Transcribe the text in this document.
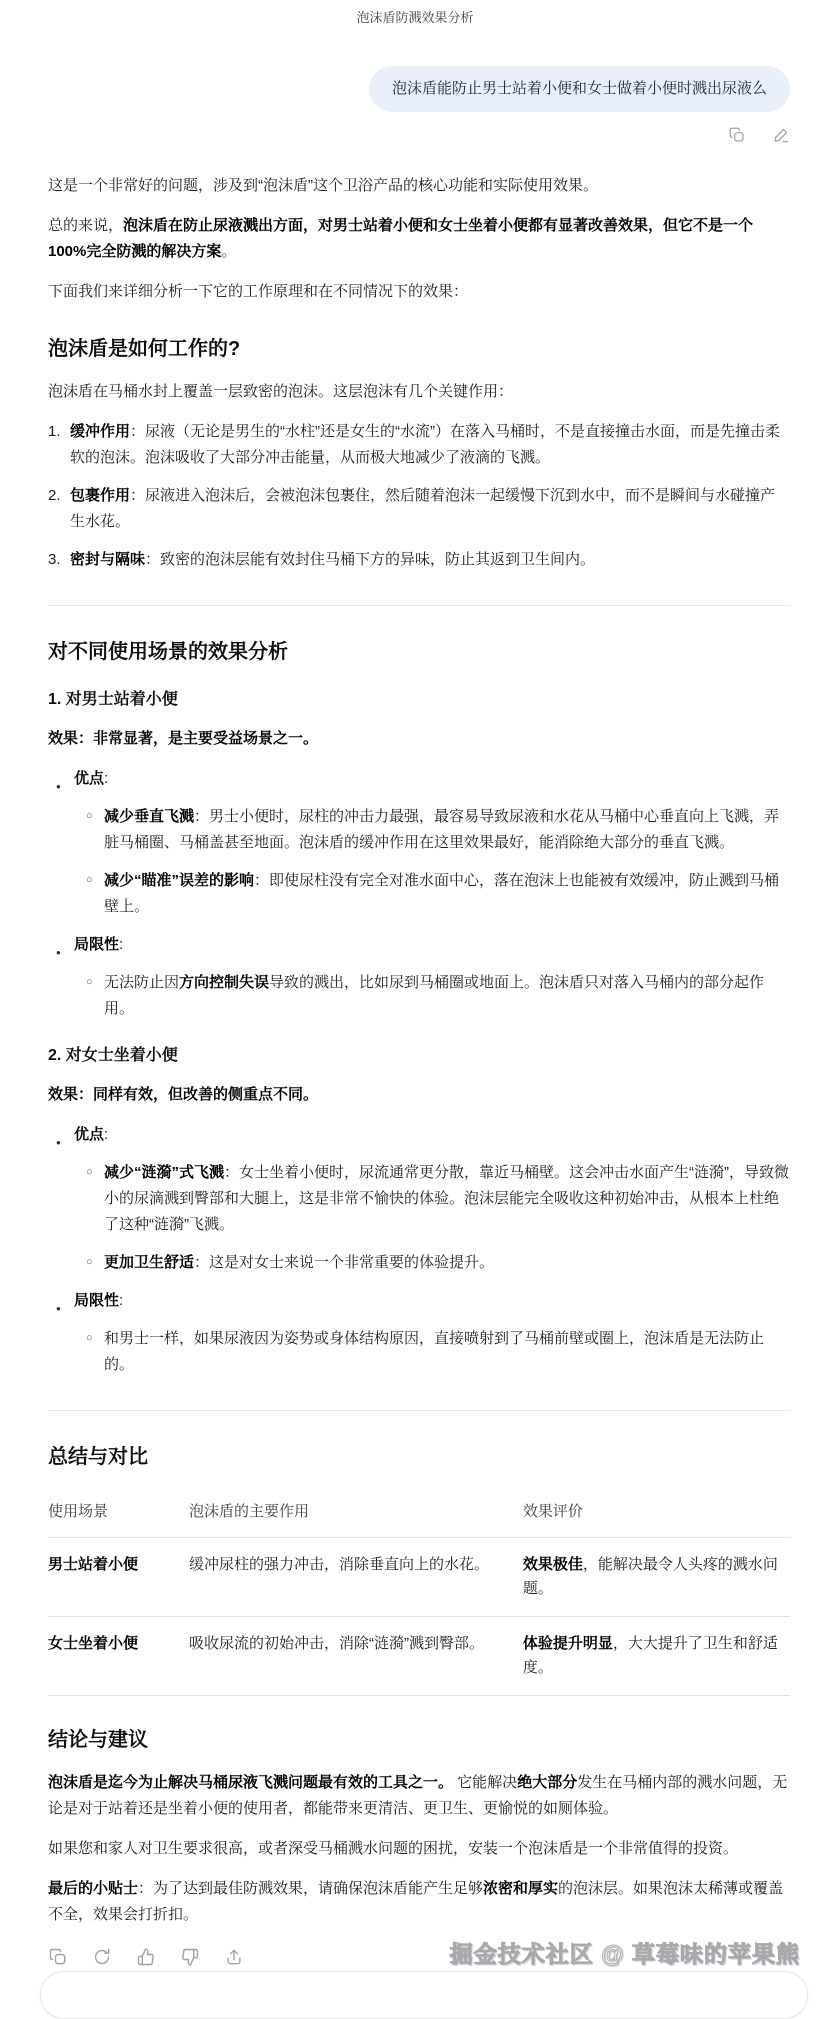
泡沫盾防溅效果分析
泡沫盾能防止男士站着小便和女士做着小便时溅出尿液么

这是一个非常好的问题，涉及到“泡沫盾”这个卫浴产品的核心功能和实际使用效果。

总的来说，泡沫盾在防止尿液溅出方面，对男士站着小便和女士坐着小便都有显著改善效果，但它不是一个100%完全防溅的解决方案。

下面我们来详细分析一下它的工作原理和在不同情况下的效果：

泡沫盾是如何工作的?

泡沫盾在马桶水封上覆盖一层致密的泡沫。这层泡沫有几个关键作用：

1. 缓冲作用：尿液（无论是男生的“水柱”还是女生的“水流”）在落入马桶时，不是直接撞击水面，而是先撞击柔软的泡沫。泡沫吸收了大部分冲击能量，从而极大地减少了液滴的飞溅。
2. 包裹作用：尿液进入泡沫后，会被泡沫包裹住，然后随着泡沫一起缓慢下沉到水中，而不是瞬间与水碰撞产生水花。
3. 密封与隔味：致密的泡沫层能有效封住马桶下方的异味，防止其返到卫生间内。
对不同使用场景的效果分析
1. 对男士站着小便

效果：非常显著，是主要受益场景之一。

● 优点:
○ 减少垂直飞溅：男士小便时，尿柱的冲击力最强，最容易导致尿液和水花从马桶中心垂直向上飞溅，弄脏马桶圈、马桶盖甚至地面。泡沫盾的缓冲作用在这里效果最好，能消除绝大部分的垂直飞溅。
○ 减少“瞄准”误差的影响：即使尿柱没有完全对准水面中心，落在泡沫上也能被有效缓冲，防止溅到马桶壁上。
● 局限性:
○ 无法防止因方向控制失误导致的溅出，比如尿到马桶圈或地面上。泡沫盾只对落入马桶内的部分起作用。
2. 对女士坐着小便

效果：同样有效，但改善的侧重点不同。

● 优点:
○ 减少“涟漪”式飞溅：女士坐着小便时，尿流通常更分散，靠近马桶壁。这会冲击水面产生“涟漪”，导致微小的尿滴溅到臀部和大腿上，这是非常不愉快的体验。泡沫层能完全吸收这种初始冲击，从根本上杜绝了这种“涟漪”飞溅。
○ 更加卫生舒适：这是对女士来说一个非常重要的体验提升。
● 局限性:
○ 和男士一样，如果尿液因为姿势或身体结构原因，直接喷射到了马桶前壁或圈上，泡沫盾是无法防止的。
总结与对比
使用场景	泡沫盾的主要作用	效果评价
男士站着小便	缓冲尿柱的强力冲击，消除垂直向上的水花。	效果极佳，能解决最令人头疼的溅水问题。
女士坐着小便	吸收尿流的初始冲击，消除“涟漪”溅到臀部。	体验提升明显，大大提升了卫生和舒适度。
结论与建议

泡沫盾是迄今为止解决马桶尿液飞溅问题最有效的工具之一。 它能解决绝大部分发生在马桶内部的溅水问题，无论是对于站着还是坐着小便的使用者，都能带来更清洁、更卫生、更愉悦的如厕体验。

如果您和家人对卫生要求很高，或者深受马桶溅水问题的困扰，安装一个泡沫盾是一个非常值得的投资。

最后的小贴士：为了达到最佳防溅效果，请确保泡沫盾能产生足够浓密和厚实的泡沫层。如果泡沫太稀薄或覆盖不全，效果会打折扣。

掘金技术社区 @ 草莓味的苹果熊
